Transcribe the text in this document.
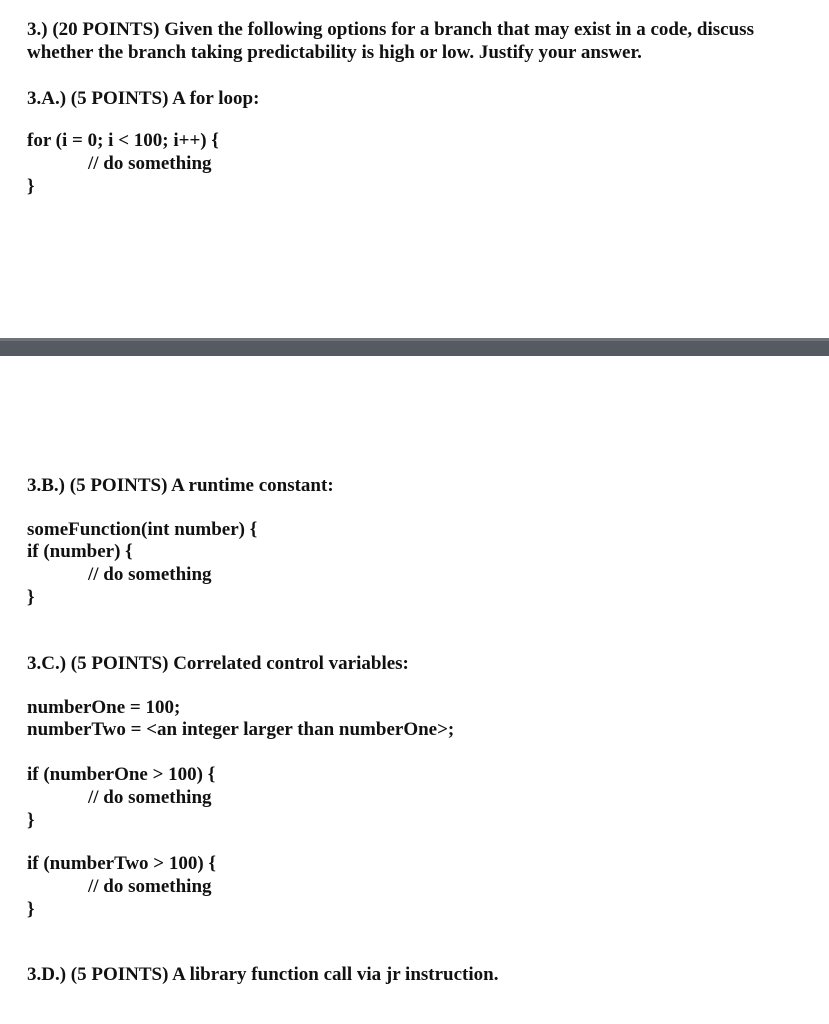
3.) (20 POINTS) Given the following options for a branch that may exist in a code, discuss
whether the branch taking predictability is high or low. Justify your answer.
3.A.) (5 POINTS) A for loop:
for (i = 0; i < 100; i++) {
// do something
}
3.B.) (5 POINTS) A runtime constant:
someFunction(int number) {
if (number) {
// do something
}
3.C.) (5 POINTS) Correlated control variables:
numberOne = 100;
numberTwo = <an integer larger than numberOne>;
if (numberOne > 100) {
// do something
}
if (numberTwo > 100) {
// do something
}
3.D.) (5 POINTS) A library function call via jr instruction.
